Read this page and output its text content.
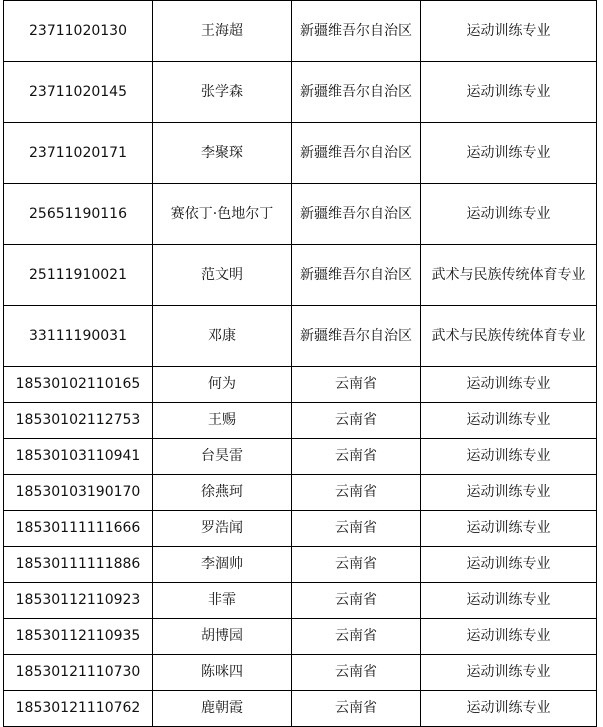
23711020130	王海超	新疆维吾尔自治区	运动训练专业
23711020145	张学森	新疆维吾尔自治区	运动训练专业
23711020171	李聚琛	新疆维吾尔自治区	运动训练专业
25651190116	赛依丁·色地尔丁	新疆维吾尔自治区	运动训练专业
25111910021	范文明	新疆维吾尔自治区	武术与民族传统体育专业
33111190031	邓康	新疆维吾尔自治区	武术与民族传统体育专业
18530102110165	何为	云南省	运动训练专业
18530102112753	王赐	云南省	运动训练专业
18530103110941	台昊雷	云南省	运动训练专业
18530103190170	徐燕珂	云南省	运动训练专业
18530111111666	罗浩闻	云南省	运动训练专业
18530111111886	李涸帅	云南省	运动训练专业
18530112110923	非霏	云南省	运动训练专业
18530112110935	胡博园	云南省	运动训练专业
18530121110730	陈咪四	云南省	运动训练专业
18530121110762	鹿朝霞	云南省	运动训练专业
